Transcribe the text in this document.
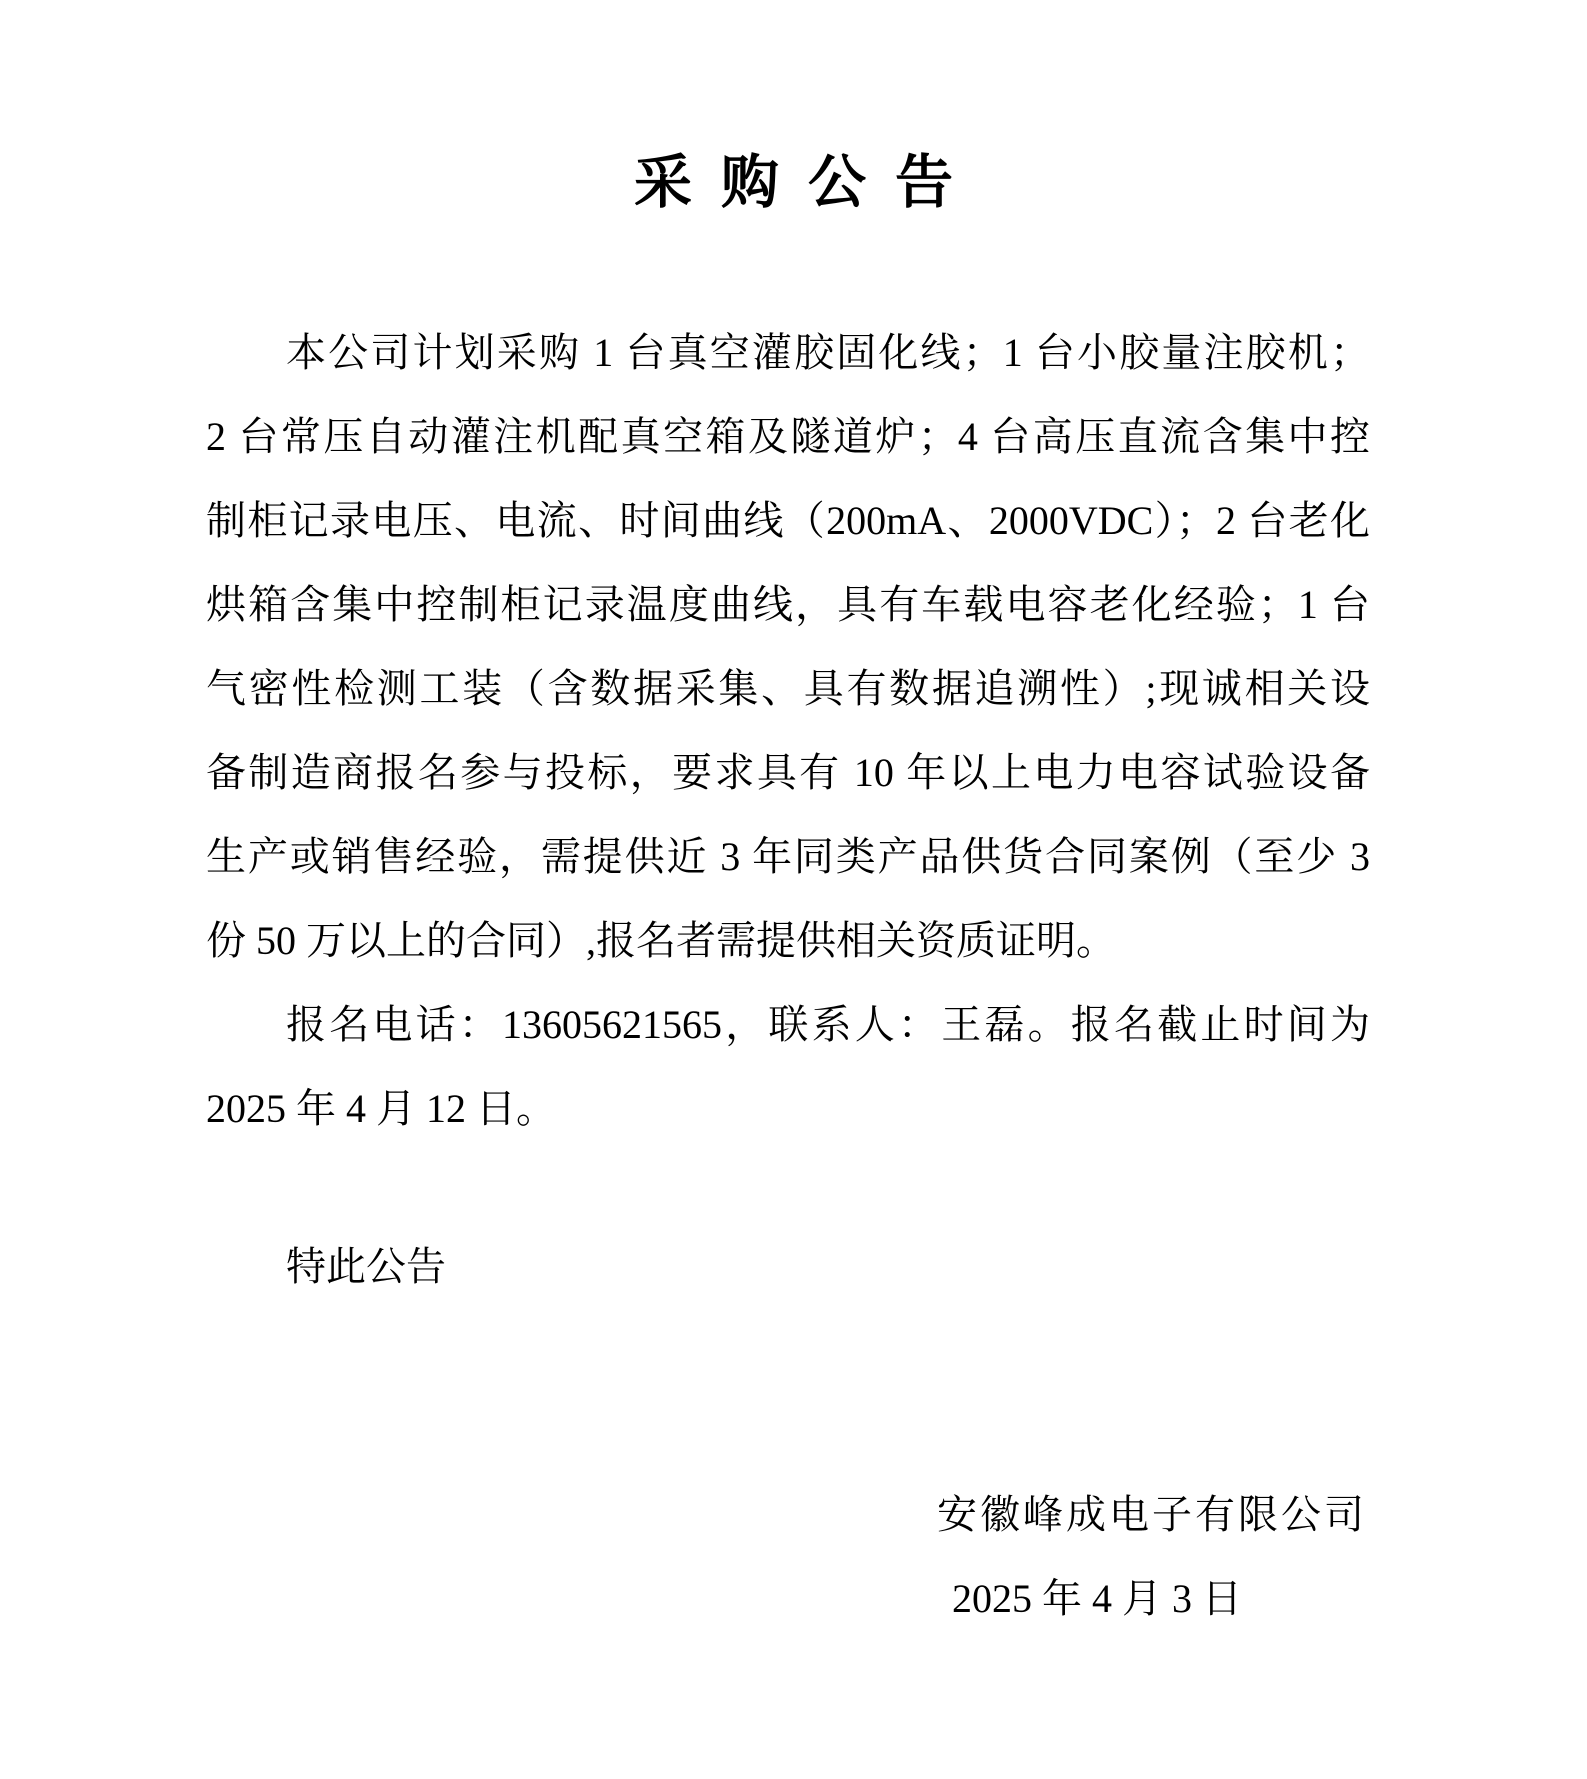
采  购  公  告
本公司计划采购 1 台真空灌胶固化线；1 台小胶量注胶机；
2 台常压自动灌注机配真空箱及隧道炉；4 台高压直流含集中控
制柜记录电压、电流、时间曲线（200mA、2000VDC）；2 台老化
烘箱含集中控制柜记录温度曲线，具有车载电容老化经验；1 台
气密性检测工装（含数据采集、具有数据追溯性）;现诚相关设
备制造商报名参与投标，要求具有 10 年以上电力电容试验设备
生产或销售经验，需提供近 3 年同类产品供货合同案例（至少 3
份 50 万以上的合同）,报名者需提供相关资质证明。
报名电话：13605621565，联系人：王磊。报名截止时间为
2025 年 4 月 12 日。
特此公告
安徽峰成电子有限公司
2025 年 4 月 3 日
